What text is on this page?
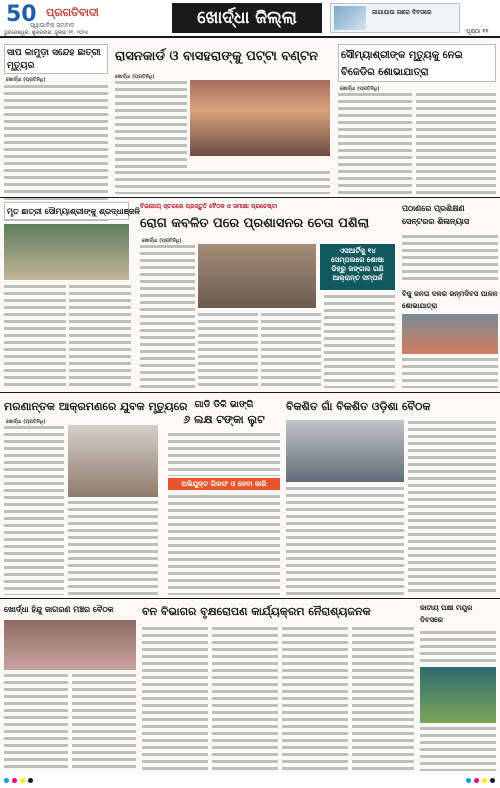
50 ପ୍ରଗତିବାଦୀ
ସ୍ୱାଭାବିକ ସମ୍ବାଦ
ଭୁବନେଶ୍ୱର, ଶୁକ୍ରବାର, ଜୁଲାଇ ୧୧, ୨୦୨୫
ଖୋର୍ଦ୍ଧା ଜିଲ୍ଲା	ଜାଗାଯାଉ ଗଛର ଦିବସରେ
ପୃଷ୍ଠା ୧୧
ସାପ କାମୁଡ଼ା ସନ୍ଦେହ ଛାତ୍ରୀ ମୃତ୍ୟୁର
ଖୋର୍ଦ୍ଧା (ପ୍ରତିନିଧି)
ରାସନକାର୍ଡ ଓ ବାସହରାଙ୍କୁ ପଟ୍ଟା ବଣ୍ଟନ
ଖୋର୍ଦ୍ଧା (ପ୍ରତିନିଧି)
ସୌମ୍ୟାଶ୍ରୀଙ୍କ ମୃତ୍ୟୁକୁ ନେଇ ବିଜେଡିର ଶୋଭାଯାତ୍ରା
ଖୋର୍ଦ୍ଧା (ପ୍ରତିନିଧି)
ମୃତ ଛାତ୍ରୀ ସୌମ୍ୟାଶ୍ରୀଙ୍କୁ ଶ୍ରଦ୍ଧାଞ୍ଜଳି
ବିଭାଗୀୟ ସ୍ତରରେ ପ୍ରସ୍ତୁତି ବୈଠକ ଓ ସମୀକ୍ଷା ପ୍ରଚେଷ୍ଟା
ରୋଗ କବଳିତ ପରେ ପ୍ରଶାସନର ଚେତା ପଶିଲା
ଖୋର୍ଦ୍ଧା (ପ୍ରତିନିଧି)
ଏସଆର୍ଟିକୁ ୧୪ ସେମ୍ପଲରେ ଶୋଷା ଡିହ୍ରୁ ଜଙ୍ଗଲ ଗଣି ଆକ୍ରାନ୍ତ ସମ୍ପର୍କ
ପଠାଣରେ ପ୍ରଶିକ୍ଷଣ ସେନ୍ଟରର ଶିଳାନ୍ୟାସ
ବିଜୁ ଜନତା ଦଳର ଜନ୍ମଦିବସ ପାଳନ ଶୋଭାଯାତ୍ରା
ମରଣାନ୍ତକ ଆକ୍ରମଣରେ ଯୁବକ ମୃତ୍ୟୁରେ
ଖୋର୍ଦ୍ଧା (ପ୍ରତିନିଧି)
ଗାଡି ଡିକି ଭାଙ୍ଗି
୬ ଲକ୍ଷ ଟଙ୍କା ଲୁଟ
ଅଭିଯୁକ୍ତ ଗିରଫ ଓ ନେବା ଜାରି
ବିକଶିତ ଗାଁ ବିକଶିତ ଓଡ଼ିଶା ବୈଠକ
ଖୋର୍ଦ୍ଧା ହିନ୍ଦୁ ଜାଗରଣ ମଞ୍ଚର ବୈଠକ	ବନ ବିଭାଗର ବୃକ୍ଷରୋପଣ କାର୍ଯ୍ୟକ୍ରମ ନୈରାଶ୍ୟଜନକ	ଜାତୀୟ ପକ୍ଷୀ ମୟୂର ଦିବସରେ
